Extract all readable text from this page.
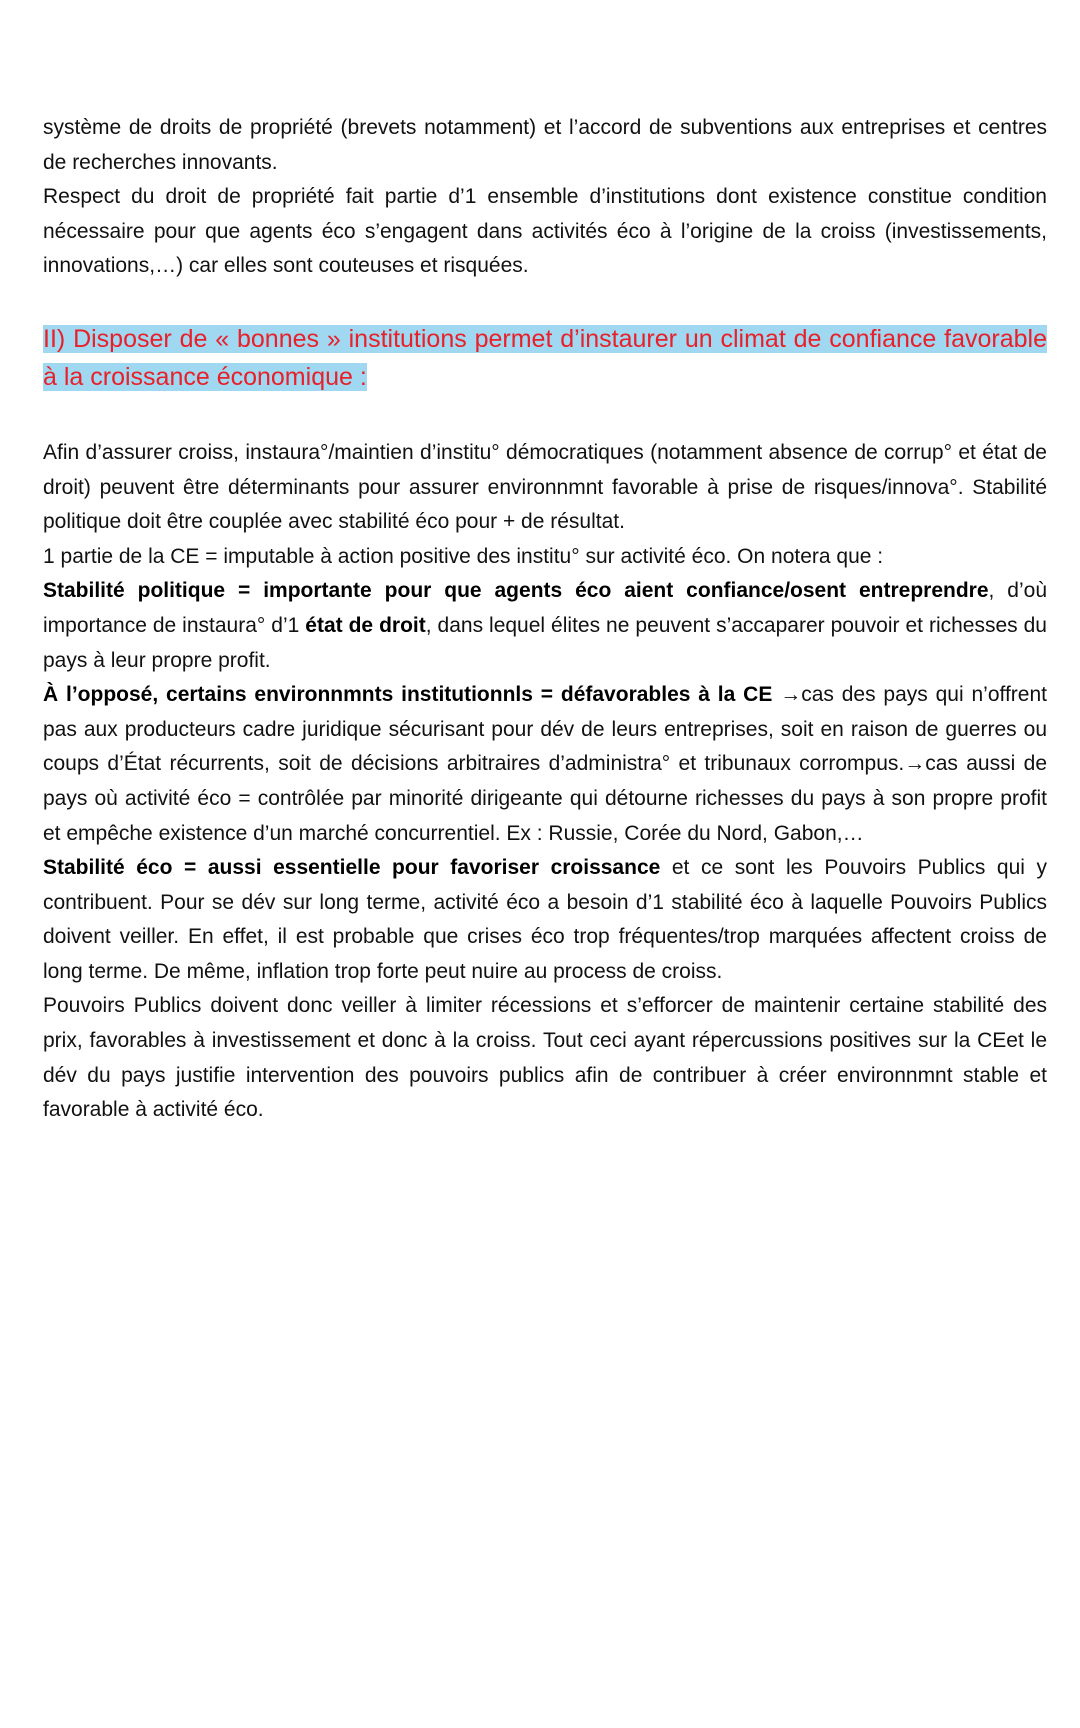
système de droits de propriété (brevets notamment) et l’accord de subventions aux entreprises et centres de recherches innovants.

Respect du droit de propriété fait partie d’1 ensemble d’institutions dont existence constitue condition nécessaire pour que agents éco s’engagent dans activités éco à l’origine de la croiss (investissements, innovations,…) car elles sont couteuses et risquées.

II) Disposer de « bonnes » institutions permet d’instaurer un climat de confiance favorable à la croissance économique :

Afin d’assurer croiss, instaura°/maintien d’institu° démocratiques (notamment absence de corrup° et état de droit) peuvent être déterminants pour assurer environnmnt favorable à prise de risques/innova°. Stabilité politique doit être couplée avec stabilité éco pour + de résultat.

1 partie de la CE = imputable à action positive des institu° sur activité éco. On notera que :

Stabilité politique = importante pour que agents éco aient confiance/osent entreprendre, d’où importance de instaura° d’1 état de droit, dans lequel élites ne peuvent s’accaparer pouvoir et richesses du pays à leur propre profit.

À l’opposé, certains environnmnts institutionnls = défavorables à la CE →cas des pays qui n’offrent pas aux producteurs cadre juridique sécurisant pour dév de leurs entreprises, soit en raison de guerres ou coups d’État récurrents, soit de décisions arbitraires d’administra° et tribunaux corrompus.→cas aussi de pays où activité éco = contrôlée par minorité dirigeante qui détourne richesses du pays à son propre profit et empêche existence d’un marché concurrentiel. Ex : Russie, Corée du Nord, Gabon,…

Stabilité éco = aussi essentielle pour favoriser croissance et ce sont les Pouvoirs Publics qui y contribuent. Pour se dév sur long terme, activité éco a besoin d’1 stabilité éco à laquelle Pouvoirs Publics doivent veiller. En effet, il est probable que crises éco trop fréquentes/trop marquées affectent croiss de long terme. De même, inflation trop forte peut nuire au process de croiss.

Pouvoirs Publics doivent donc veiller à limiter récessions et s’efforcer de maintenir certaine stabilité des prix, favorables à investissement et donc à la croiss. Tout ceci ayant répercussions positives sur la CEet le dév du pays justifie intervention des pouvoirs publics afin de contribuer à créer environnmnt stable et favorable à activité éco.
